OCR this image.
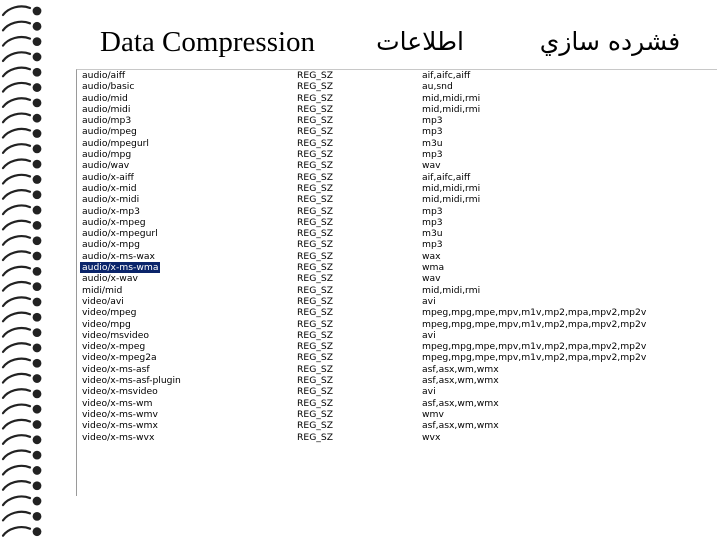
Data Compression	اطلاعات	فشرده سازي
audio/aiff	REG_SZ	aif,aifc,aiff
audio/basic	REG_SZ	au,snd
audio/mid	REG_SZ	mid,midi,rmi
audio/midi	REG_SZ	mid,midi,rmi
audio/mp3	REG_SZ	mp3
audio/mpeg	REG_SZ	mp3
audio/mpegurl	REG_SZ	m3u
audio/mpg	REG_SZ	mp3
audio/wav	REG_SZ	wav
audio/x-aiff	REG_SZ	aif,aifc,aiff
audio/x-mid	REG_SZ	mid,midi,rmi
audio/x-midi	REG_SZ	mid,midi,rmi
audio/x-mp3	REG_SZ	mp3
audio/x-mpeg	REG_SZ	mp3
audio/x-mpegurl	REG_SZ	m3u
audio/x-mpg	REG_SZ	mp3
audio/x-ms-wax	REG_SZ	wax
audio/x-ms-wma	REG_SZ	wma
audio/x-wav	REG_SZ	wav
midi/mid	REG_SZ	mid,midi,rmi
video/avi	REG_SZ	avi
video/mpeg	REG_SZ	mpeg,mpg,mpe,mpv,m1v,mp2,mpa,mpv2,mp2v
video/mpg	REG_SZ	mpeg,mpg,mpe,mpv,m1v,mp2,mpa,mpv2,mp2v
video/msvideo	REG_SZ	avi
video/x-mpeg	REG_SZ	mpeg,mpg,mpe,mpv,m1v,mp2,mpa,mpv2,mp2v
video/x-mpeg2a	REG_SZ	mpeg,mpg,mpe,mpv,m1v,mp2,mpa,mpv2,mp2v
video/x-ms-asf	REG_SZ	asf,asx,wm,wmx
video/x-ms-asf-plugin	REG_SZ	asf,asx,wm,wmx
video/x-msvideo	REG_SZ	avi
video/x-ms-wm	REG_SZ	asf,asx,wm,wmx
video/x-ms-wmv	REG_SZ	wmv
video/x-ms-wmx	REG_SZ	asf,asx,wm,wmx
video/x-ms-wvx	REG_SZ	wvx
